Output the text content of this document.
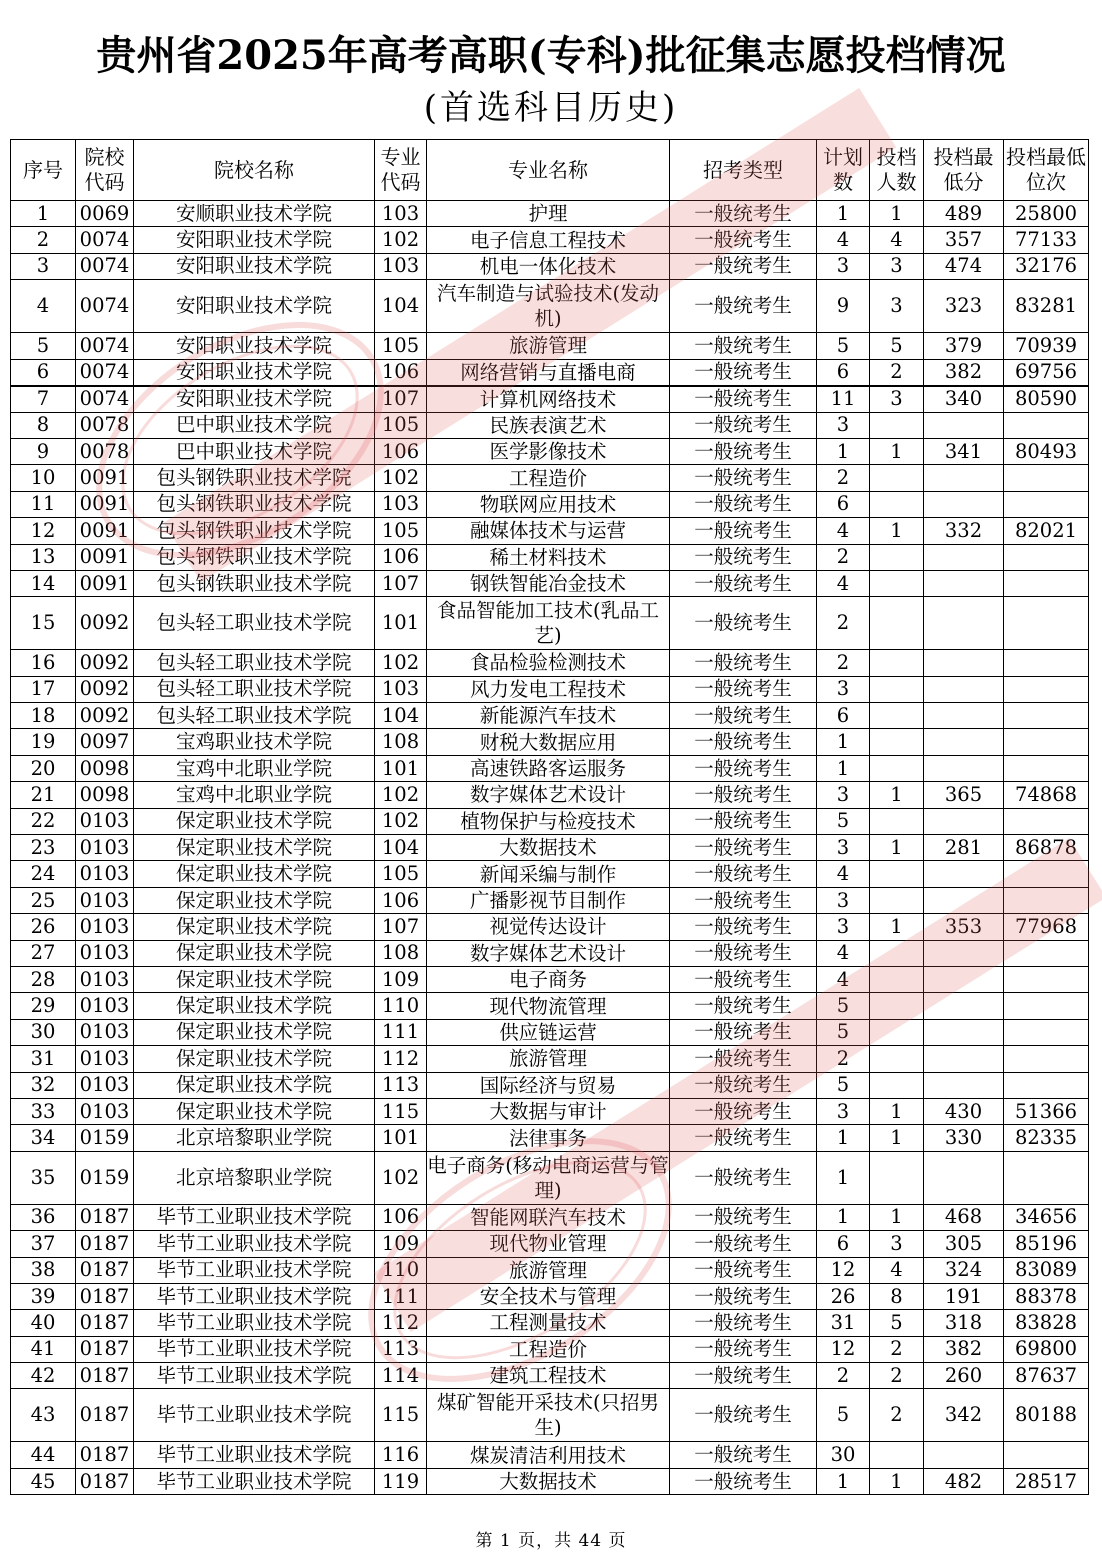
贵州省2025年高考高职(专科)批征集志愿投档情况
(首选科目历史)
序号	院校代码	院校名称	专业代码	专业名称	招考类型	计划数	投档人数	投档最低分	投档最低位次
1	0069	安顺职业技术学院	103	护理	一般统考生	1	1	489	25800
2	0074	安阳职业技术学院	102	电子信息工程技术	一般统考生	4	4	357	77133
3	0074	安阳职业技术学院	103	机电一体化技术	一般统考生	3	3	474	32176
4	0074	安阳职业技术学院	104	汽车制造与试验技术(发动机)	一般统考生	9	3	323	83281
5	0074	安阳职业技术学院	105	旅游管理	一般统考生	5	5	379	70939
6	0074	安阳职业技术学院	106	网络营销与直播电商	一般统考生	6	2	382	69756
7	0074	安阳职业技术学院	107	计算机网络技术	一般统考生	11	3	340	80590
8	0078	巴中职业技术学院	105	民族表演艺术	一般统考生	3			
9	0078	巴中职业技术学院	106	医学影像技术	一般统考生	1	1	341	80493
10	0091	包头钢铁职业技术学院	102	工程造价	一般统考生	2			
11	0091	包头钢铁职业技术学院	103	物联网应用技术	一般统考生	6			
12	0091	包头钢铁职业技术学院	105	融媒体技术与运营	一般统考生	4	1	332	82021
13	0091	包头钢铁职业技术学院	106	稀土材料技术	一般统考生	2			
14	0091	包头钢铁职业技术学院	107	钢铁智能冶金技术	一般统考生	4			
15	0092	包头轻工职业技术学院	101	食品智能加工技术(乳品工艺)	一般统考生	2			
16	0092	包头轻工职业技术学院	102	食品检验检测技术	一般统考生	2			
17	0092	包头轻工职业技术学院	103	风力发电工程技术	一般统考生	3			
18	0092	包头轻工职业技术学院	104	新能源汽车技术	一般统考生	6			
19	0097	宝鸡职业技术学院	108	财税大数据应用	一般统考生	1			
20	0098	宝鸡中北职业学院	101	高速铁路客运服务	一般统考生	1			
21	0098	宝鸡中北职业学院	102	数字媒体艺术设计	一般统考生	3	1	365	74868
22	0103	保定职业技术学院	102	植物保护与检疫技术	一般统考生	5			
23	0103	保定职业技术学院	104	大数据技术	一般统考生	3	1	281	86878
24	0103	保定职业技术学院	105	新闻采编与制作	一般统考生	4			
25	0103	保定职业技术学院	106	广播影视节目制作	一般统考生	3			
26	0103	保定职业技术学院	107	视觉传达设计	一般统考生	3	1	353	77968
27	0103	保定职业技术学院	108	数字媒体艺术设计	一般统考生	4			
28	0103	保定职业技术学院	109	电子商务	一般统考生	4			
29	0103	保定职业技术学院	110	现代物流管理	一般统考生	5			
30	0103	保定职业技术学院	111	供应链运营	一般统考生	5			
31	0103	保定职业技术学院	112	旅游管理	一般统考生	2			
32	0103	保定职业技术学院	113	国际经济与贸易	一般统考生	5			
33	0103	保定职业技术学院	115	大数据与审计	一般统考生	3	1	430	51366
34	0159	北京培黎职业学院	101	法律事务	一般统考生	1	1	330	82335
35	0159	北京培黎职业学院	102	电子商务(移动电商运营与管理)	一般统考生	1			
36	0187	毕节工业职业技术学院	106	智能网联汽车技术	一般统考生	1	1	468	34656
37	0187	毕节工业职业技术学院	109	现代物业管理	一般统考生	6	3	305	85196
38	0187	毕节工业职业技术学院	110	旅游管理	一般统考生	12	4	324	83089
39	0187	毕节工业职业技术学院	111	安全技术与管理	一般统考生	26	8	191	88378
40	0187	毕节工业职业技术学院	112	工程测量技术	一般统考生	31	5	318	83828
41	0187	毕节工业职业技术学院	113	工程造价	一般统考生	12	2	382	69800
42	0187	毕节工业职业技术学院	114	建筑工程技术	一般统考生	2	2	260	87637
43	0187	毕节工业职业技术学院	115	煤矿智能开采技术(只招男生)	一般统考生	5	2	342	80188
44	0187	毕节工业职业技术学院	116	煤炭清洁利用技术	一般统考生	30			
45	0187	毕节工业职业技术学院	119	大数据技术	一般统考生	1	1	482	28517
第 1 页，共 44 页
